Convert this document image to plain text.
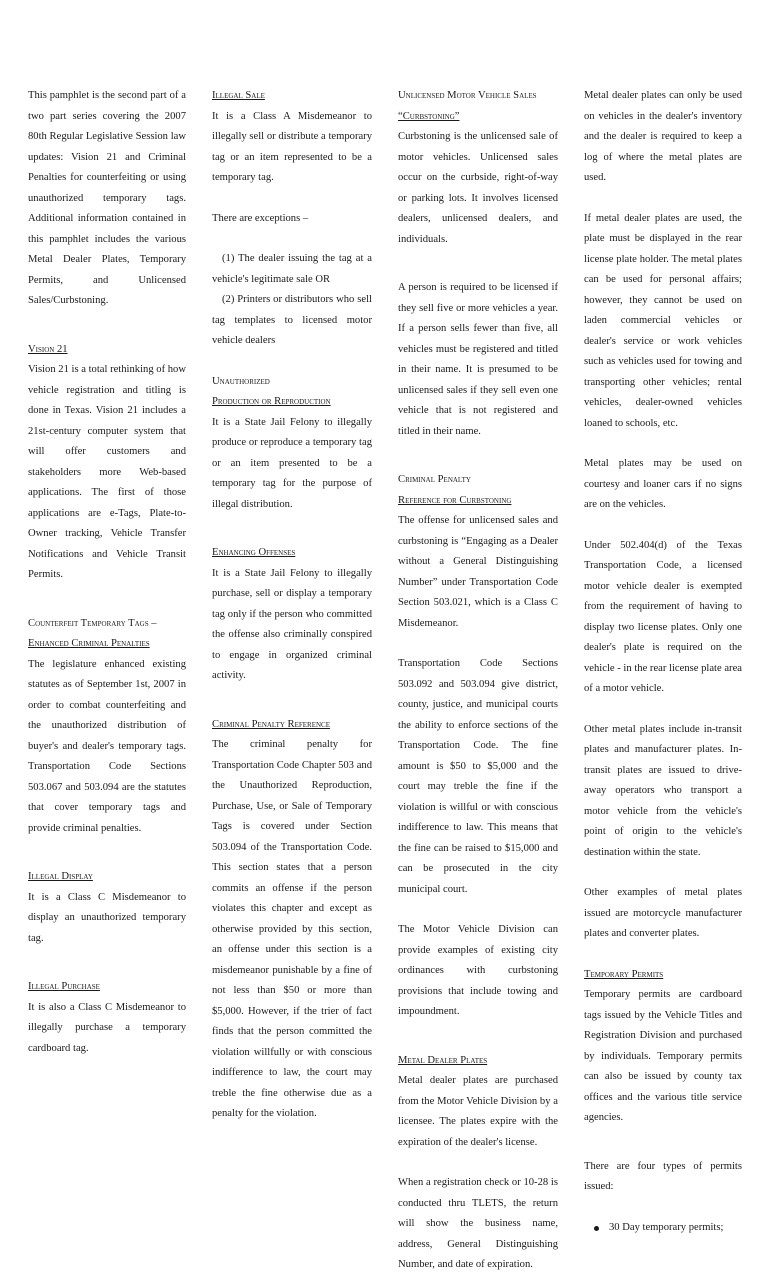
This pamphlet is the second part of a two part series covering the 2007 80th Regular Legislative Session law updates: Vision 21 and Criminal Penalties for counterfeiting or using unauthorized temporary tags. Additional information contained in this pamphlet includes the various Metal Dealer Plates, Temporary Permits, and Unlicensed Sales/Curbstoning.

Vision 21

Vision 21 is a total rethinking of how vehicle registration and titling is done in Texas. Vision 21 includes a 21st-century computer system that will offer customers and stakeholders more Web-based applications. The first of those applications are e-Tags, Plate-to-Owner tracking, Vehicle Transfer Notifications and Vehicle Transit Permits.

Counterfeit Temporary Tags –
Enhanced Criminal Penalties

The legislature enhanced existing statutes as of September 1st, 2007 in order to combat counterfeiting and the unauthorized distribution of buyer's and dealer's temporary tags. Transportation Code Sections 503.067 and 503.094 are the statutes that cover temporary tags and provide criminal penalties.

Illegal Display

It is a Class C Misdemeanor to display an unauthorized temporary tag.

Illegal Purchase

It is also a Class C Misdemeanor to illegally purchase a temporary cardboard tag.

Illegal Sale

It is a Class A Misdemeanor to illegally sell or distribute a temporary tag or an item represented to be a temporary tag.

There are exceptions –

(1) The dealer issuing the tag at a vehicle's legitimate sale OR

(2) Printers or distributors who sell tag templates to licensed motor vehicle dealers

Unauthorized
Production or Reproduction

It is a State Jail Felony to illegally produce or reproduce a temporary tag or an item presented to be a temporary tag for the purpose of illegal distribution.

Enhancing Offenses

It is a State Jail Felony to illegally purchase, sell or display a temporary tag only if the person who committed the offense also criminally conspired to engage in organized criminal activity.

Criminal Penalty Reference

The criminal penalty for Transportation Code Chapter 503 and the Unauthorized Reproduction, Purchase, Use, or Sale of Temporary Tags is covered under Section 503.094 of the Transportation Code. This section states that a person commits an offense if the person violates this chapter and except as otherwise provided by this section, an offense under this section is a misdemeanor punishable by a fine of not less than $50 or more than $5,000. However, if the trier of fact finds that the person committed the violation willfully or with conscious indifference to law, the court may treble the fine otherwise due as a penalty for the violation.

Unlicensed Motor Vehicle Sales
“Curbstoning”

Curbstoning is the unlicensed sale of motor vehicles. Unlicensed sales occur on the curbside, right-of-way or parking lots. It involves licensed dealers, unlicensed dealers, and individuals.

A person is required to be licensed if they sell five or more vehicles a year. If a person sells fewer than five, all vehicles must be registered and titled in their name. It is presumed to be unlicensed sales if they sell even one vehicle that is not registered and titled in their name.

Criminal Penalty
Reference for Curbstoning

The offense for unlicensed sales and curbstoning is “Engaging as a Dealer without a General Distinguishing Number” under Transportation Code Section 503.021, which is a Class C Misdemeanor.

Transportation Code Sections 503.092 and 503.094 give district, county, justice, and municipal courts the ability to enforce sections of the Transportation Code. The fine amount is $50 to $5,000 and the court may treble the fine if the violation is willful or with conscious indifference to law. This means that the fine can be raised to $15,000 and can be prosecuted in the city municipal court.

The Motor Vehicle Division can provide examples of existing city ordinances with curbstoning provisions that include towing and impoundment.

Metal Dealer Plates

Metal dealer plates are purchased from the Motor Vehicle Division by a licensee. The plates expire with the expiration of the dealer's license.

When a registration check or 10-28 is conducted thru TLETS, the return will show the business name, address, General Distinguishing Number, and date of expiration.

Metal dealer plates can only be used on vehicles in the dealer's inventory and the dealer is required to keep a log of where the metal plates are used.

If metal dealer plates are used, the plate must be displayed in the rear license plate holder. The metal plates can be used for personal affairs; however, they cannot be used on laden commercial vehicles or dealer's service or work vehicles such as vehicles used for towing and transporting other vehicles; rental vehicles, dealer-owned vehicles loaned to schools, etc.

Metal plates may be used on courtesy and loaner cars if no signs are on the vehicles.

Under 502.404(d) of the Texas Transportation Code, a licensed motor vehicle dealer is exempted from the requirement of having to display two license plates. Only one dealer's plate is required on the vehicle - in the rear license plate area of a motor vehicle.

Other metal plates include in-transit plates and manufacturer plates. In-transit plates are issued to drive-away operators who transport a motor vehicle from the vehicle's point of origin to the vehicle's destination within the state.

Other examples of metal plates issued are motorcycle manufacturer plates and converter plates.

Temporary Permits

Temporary permits are cardboard tags issued by the Vehicle Titles and Registration Division and purchased by individuals. Temporary permits can also be issued by county tax offices and the various title service agencies.

There are four types of permits issued:

30 Day temporary permits;
